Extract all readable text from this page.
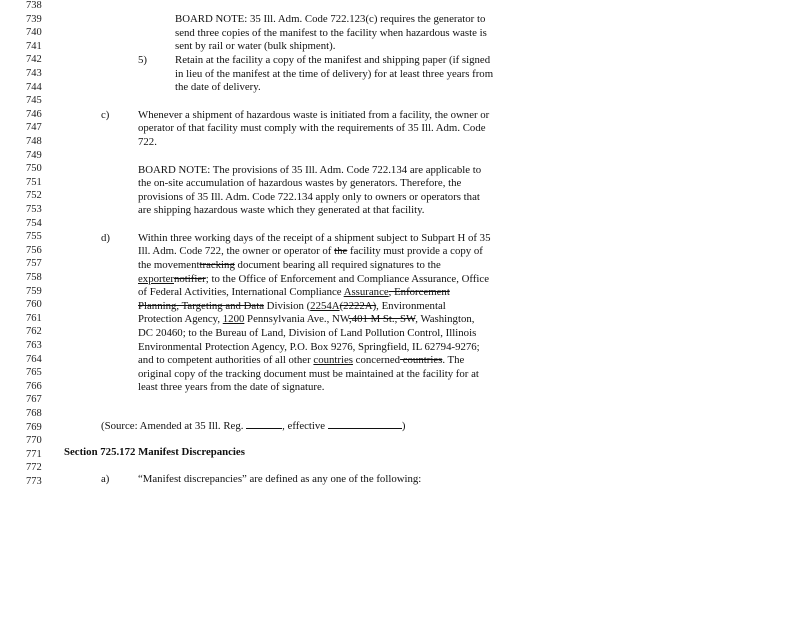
738
739
740
741
742
743
744
745
746
747
748
749
750
751
752
753
754
755
756
757
758
759
760
761
762
763
764
765
766
767
768
769
770
771
772
773
BOARD NOTE: 35 Ill. Adm. Code 722.123(c) requires the generator to
send three copies of the manifest to the facility when hazardous waste is
sent by rail or water (bulk shipment).
5)	Retain at the facility a copy of the manifest and shipping paper (if signed
in lieu of the manifest at the time of delivery) for at least three years from
the date of delivery.
c)	Whenever a shipment of hazardous waste is initiated from a facility, the owner or
operator of that facility must comply with the requirements of 35 Ill. Adm. Code
722.
BOARD NOTE: The provisions of 35 Ill. Adm. Code 722.134 are applicable to
the on-site accumulation of hazardous wastes by generators. Therefore, the
provisions of 35 Ill. Adm. Code 722.134 apply only to owners or operators that
are shipping hazardous waste which they generated at that facility.
d)	Within three working days of the receipt of a shipment subject to Subpart H of 35
Ill. Adm. Code 722, the owner or operator of the facility must provide a copy of
the movementtracking document bearing all required signatures to the
exporternotifier; to the Office of Enforcement and Compliance Assurance, Office
of Federal Activities, International Compliance Assurance, Enforcement
Planning, Targeting and Data Division (2254A(2222A), Environmental
Protection Agency, 1200 Pennsylvania Ave., NW,401 M St., SW, Washington,
DC 20460; to the Bureau of Land, Division of Land Pollution Control, Illinois
Environmental Protection Agency, P.O. Box 9276, Springfield, IL 62794-9276;
and to competent authorities of all other countries concerned countries. The
original copy of the tracking document must be maintained at the facility for at
least three years from the date of signature.
(Source: Amended at 35 Ill. Reg.	, effective	)
Section 725.172 Manifest Discrepancies
a)	“Manifest discrepancies” are defined as any one of the following:
